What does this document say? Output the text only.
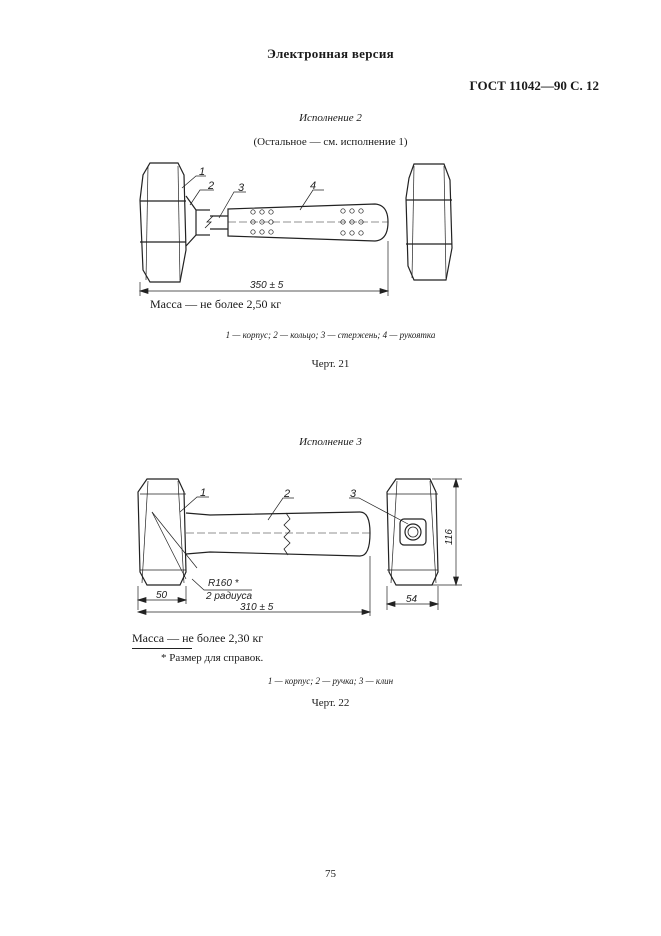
Электронная версия
ГОСТ 11042—90 С. 12
Исполнение 2
(Остальное — см. исполнение 1)
1
2 3	4
350 ± 5
Масса — не более 2,50 кг
1 — корпус; 2 — кольцо; 3 — стержень; 4 — рукоятка
Черт. 21
Исполнение 3
1	2	3
R160 *
2 радиуса
50
310 ± 5
54
116
Масса — не более 2,30 кг
* Размер для справок.
1 — корпус; 2 — ручка; 3 — клин
Черт. 22
75
